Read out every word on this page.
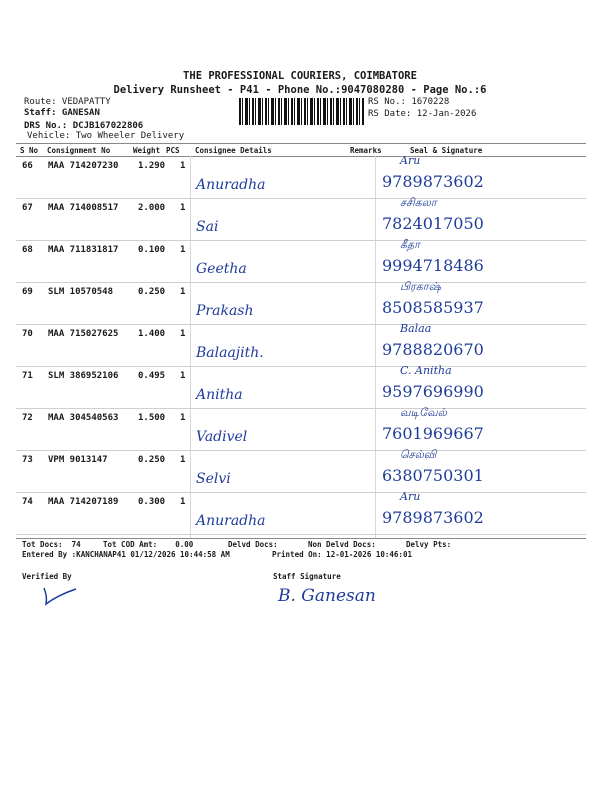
THE PROFESSIONAL COURIERS, COIMBATORE
Delivery Runsheet - P41 - Phone No.:9047080280 - Page No.:6
Route: VEDAPATTY
Staff: GANESAN
DRS No.: DCJB167022806
Vehicle: Two Wheeler Delivery
RS No.: 1670228
RS Date: 12-Jan-2026
S No Consignment No	Weight PCS Consignee Details	Remarks	Seal & Signature
66 MAA 714207230 1.290 1
Anuradha
Aru
9789873602
67 MAA 714008517 2.000 1
Sai
சசிகலா
7824017050
68 MAA 711831817 0.100 1
Geetha
கீதா
9994718486
69 SLM 10570548	0.250 1
Prakash
பிரகாஷ்
8508585937
70 MAA 715027625 1.400 1
Balaajith.
Balaa
9788820670
71 SLM 386952106 0.495 1
Anitha
C. Anitha
9597696990
72 MAA 304540563 1.500 1
Vadivel
வடிவேல்
7601969667
73 VPM 9013147	0.250 1
Selvi
செல்வி
6380750301
74 MAA 714207189 0.300 1
Anuradha
Aru
9789873602
Tot Docs:  74	Tot COD Amt:    0.00	Delvd Docs:	Non Delvd Docs:	Delvy Pts:
Entered By :KANCHANAP41 01/12/2026 10:44:58 AM	Printed On: 12-01-2026 10:46:01
Verified By	Staff Signature
B. Ganesan
